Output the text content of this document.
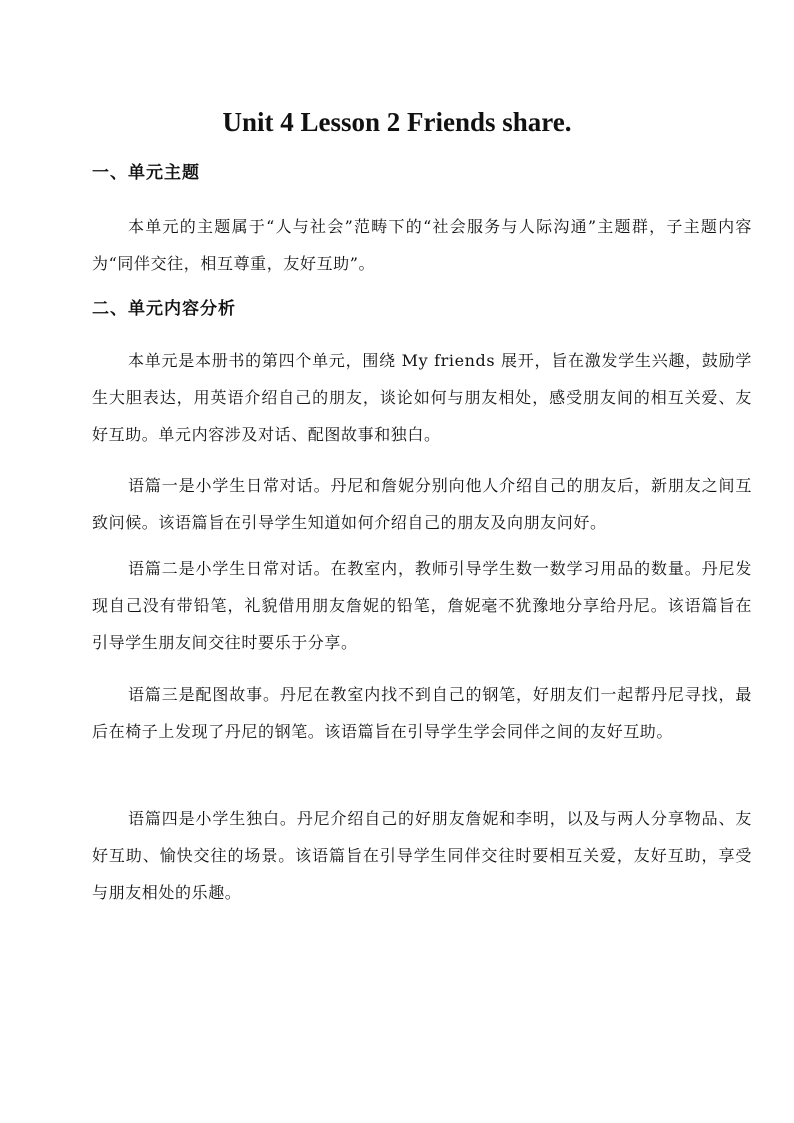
Unit 4 Lesson 2 Friends share.
一、单元主题
本单元的主题属于“人与社会”范畴下的“社会服务与人际沟通”主题群，子主题内容为“同伴交往，相互尊重，友好互助”。
二、单元内容分析
本单元是本册书的第四个单元，围绕 My friends 展开，旨在激发学生兴趣，鼓励学生大胆表达，用英语介绍自己的朋友，谈论如何与朋友相处，感受朋友间的相互关爱、友好互助。单元内容涉及对话、配图故事和独白。
语篇一是小学生日常对话。丹尼和詹妮分别向他人介绍自己的朋友后，新朋友之间互致问候。该语篇旨在引导学生知道如何介绍自己的朋友及向朋友问好。
语篇二是小学生日常对话。在教室内，教师引导学生数一数学习用品的数量。丹尼发现自己没有带铅笔，礼貌借用朋友詹妮的铅笔，詹妮毫不犹豫地分享给丹尼。该语篇旨在引导学生朋友间交往时要乐于分享。
语篇三是配图故事。丹尼在教室内找不到自己的钢笔，好朋友们一起帮丹尼寻找，最后在椅子上发现了丹尼的钢笔。该语篇旨在引导学生学会同伴之间的友好互助。
语篇四是小学生独白。丹尼介绍自己的好朋友詹妮和李明，以及与两人分享物品、友好互助、愉快交往的场景。该语篇旨在引导学生同伴交往时要相互关爱，友好互助，享受与朋友相处的乐趣。
